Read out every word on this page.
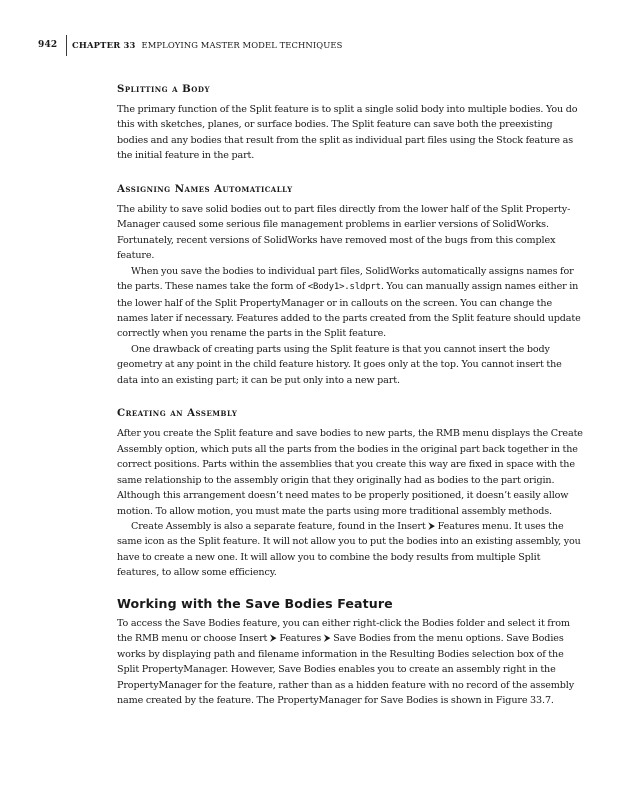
942 CHAPTER 33 EMPLOYING MASTER MODEL TECHNIQUES
Splitting a Body

The primary function of the Split feature is to split a single solid body into multiple bodies. You do this with sketches, planes, or surface bodies. The Split feature can save both the preexisting bodies and any bodies that result from the split as individual part files using the Stock feature as the initial feature in the part.

Assigning Names Automatically

The ability to save solid bodies out to part files directly from the lower half of the Split Property-Manager caused some serious file management problems in earlier versions of SolidWorks. Fortunately, recent versions of SolidWorks have removed most of the bugs from this complex feature.

When you save the bodies to individual part files, SolidWorks automatically assigns names for the parts. These names take the form of <Body1>.sldprt. You can manually assign names either in the lower half of the Split PropertyManager or in callouts on the screen. You can change the names later if necessary. Features added to the parts created from the Split feature should update correctly when you rename the parts in the Split feature.

One drawback of creating parts using the Split feature is that you cannot insert the body geometry at any point in the child feature history. It goes only at the top. You cannot insert the data into an existing part; it can be put only into a new part.

Creating an Assembly

After you create the Split feature and save bodies to new parts, the RMB menu displays the Create Assembly option, which puts all the parts from the bodies in the original part back together in the correct positions. Parts within the assemblies that you create this way are fixed in space with the same relationship to the assembly origin that they originally had as bodies to the part origin. Although this arrangement doesn’t need mates to be properly positioned, it doesn’t easily allow motion. To allow motion, you must mate the parts using more traditional assembly methods.

Create Assembly is also a separate feature, found in the Insert ⮞ Features menu. It uses the same icon as the Split feature. It will not allow you to put the bodies into an existing assembly, you have to create a new one. It will allow you to combine the body results from multiple Split features, to allow some efficiency.

Working with the Save Bodies Feature

To access the Save Bodies feature, you can either right-click the Bodies folder and select it from the RMB menu or choose Insert ⮞ Features ⮞ Save Bodies from the menu options. Save Bodies works by displaying path and filename information in the Resulting Bodies selection box of the Split PropertyManager. However, Save Bodies enables you to create an assembly right in the PropertyManager for the feature, rather than as a hidden feature with no record of the assembly name created by the feature. The PropertyManager for Save Bodies is shown in Figure 33.7.
